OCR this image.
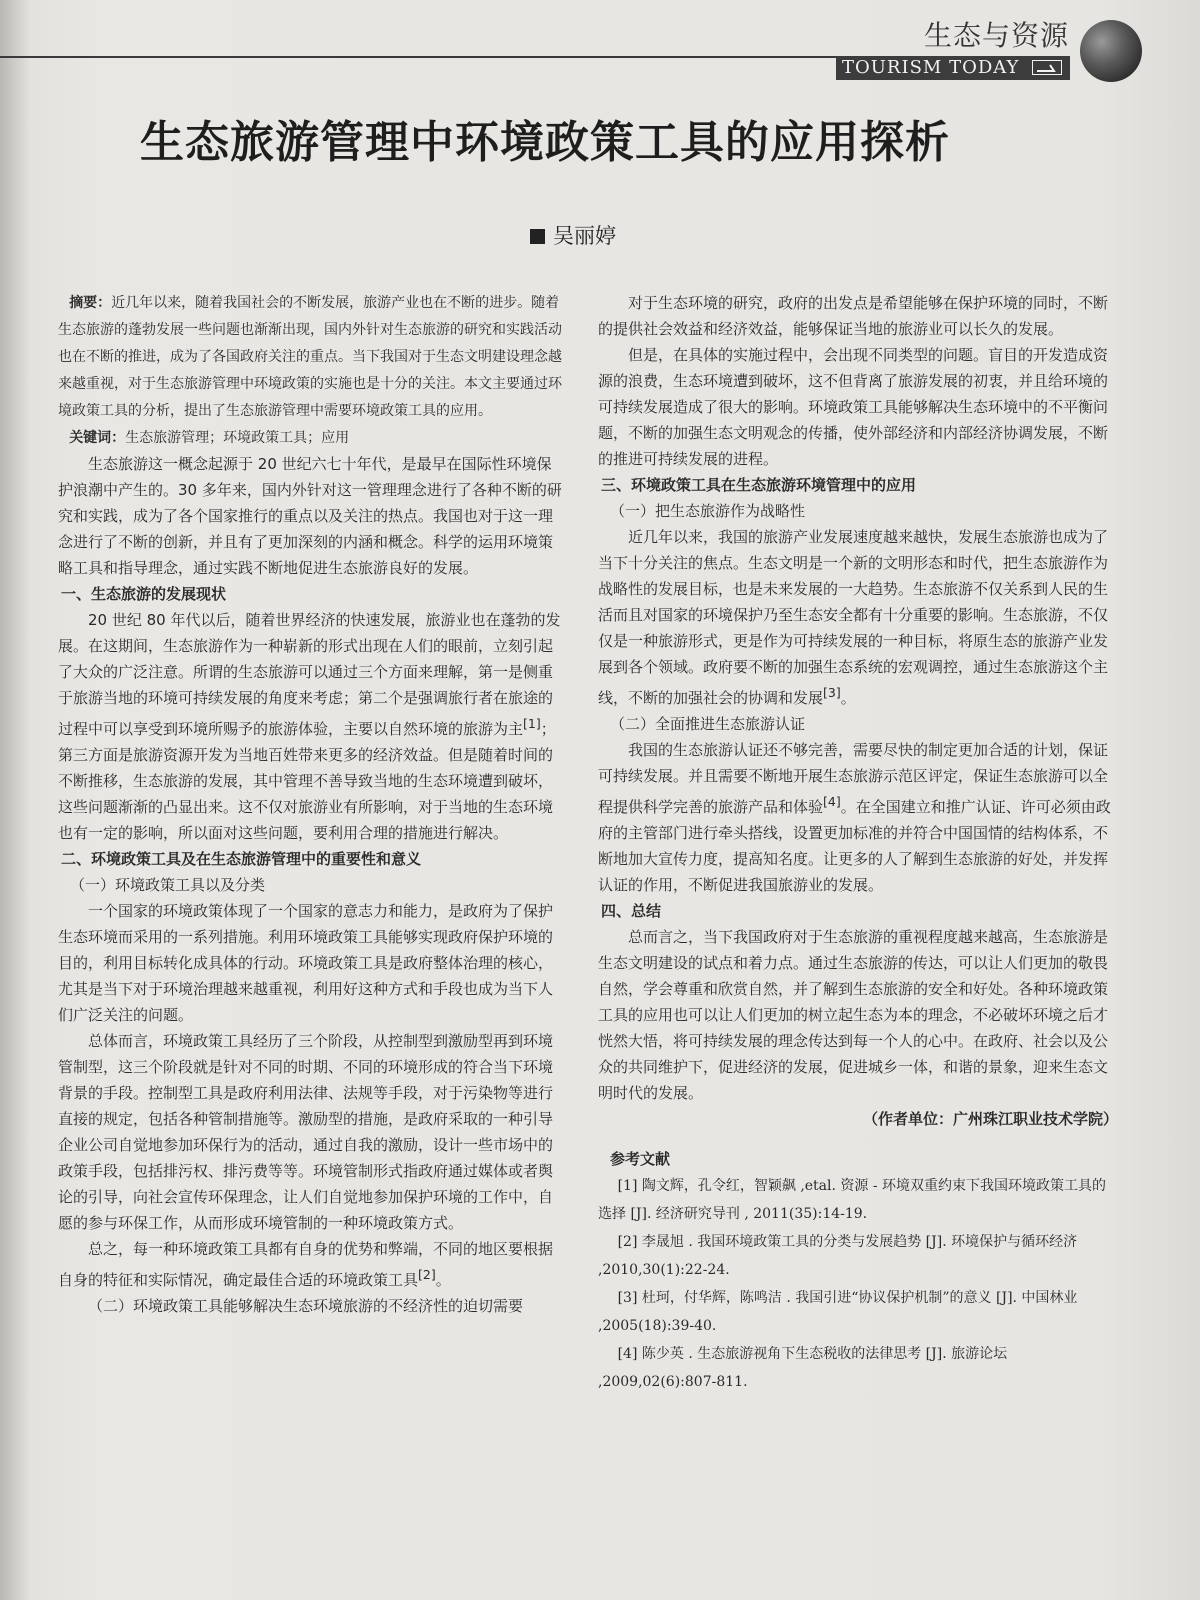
生态与资源
TOURISM TODAY
生态旅游管理中环境政策工具的应用探析
吴丽婷

摘要：近几年以来，随着我国社会的不断发展，旅游产业也在不断的进步。随着生态旅游的蓬勃发展一些问题也渐渐出现，国内外针对生态旅游的研究和实践活动也在不断的推进，成为了各国政府关注的重点。当下我国对于生态文明建设理念越来越重视，对于生态旅游管理中环境政策的实施也是十分的关注。本文主要通过环境政策工具的分析，提出了生态旅游管理中需要环境政策工具的应用。

关键词：生态旅游管理；环境政策工具；应用

生态旅游这一概念起源于 20 世纪六七十年代，是最早在国际性环境保护浪潮中产生的。30 多年来，国内外针对这一管理理念进行了各种不断的研究和实践，成为了各个国家推行的重点以及关注的热点。我国也对于这一理念进行了不断的创新，并且有了更加深刻的内涵和概念。科学的运用环境策略工具和指导理念，通过实践不断地促进生态旅游良好的发展。

一、生态旅游的发展现状

20 世纪 80 年代以后，随着世界经济的快速发展，旅游业也在蓬勃的发展。在这期间，生态旅游作为一种崭新的形式出现在人们的眼前，立刻引起了大众的广泛注意。所谓的生态旅游可以通过三个方面来理解，第一是侧重于旅游当地的环境可持续发展的角度来考虑；第二个是强调旅行者在旅途的过程中可以享受到环境所赐予的旅游体验，主要以自然环境的旅游为主[1]；第三方面是旅游资源开发为当地百姓带来更多的经济效益。但是随着时间的不断推移，生态旅游的发展，其中管理不善导致当地的生态环境遭到破坏，这些问题渐渐的凸显出来。这不仅对旅游业有所影响，对于当地的生态环境也有一定的影响，所以面对这些问题，要利用合理的措施进行解决。

二、环境政策工具及在生态旅游管理中的重要性和意义

（一）环境政策工具以及分类

一个国家的环境政策体现了一个国家的意志力和能力，是政府为了保护生态环境而采用的一系列措施。利用环境政策工具能够实现政府保护环境的目的，利用目标转化成具体的行动。环境政策工具是政府整体治理的核心，尤其是当下对于环境治理越来越重视，利用好这种方式和手段也成为当下人们广泛关注的问题。

总体而言，环境政策工具经历了三个阶段，从控制型到激励型再到环境管制型，这三个阶段就是针对不同的时期、不同的环境形成的符合当下环境背景的手段。控制型工具是政府利用法律、法规等手段，对于污染物等进行直接的规定，包括各种管制措施等。激励型的措施，是政府采取的一种引导企业公司自觉地参加环保行为的活动，通过自我的激励，设计一些市场中的政策手段，包括排污权、排污费等等。环境管制形式指政府通过媒体或者舆论的引导，向社会宣传环保理念，让人们自觉地参加保护环境的工作中，自愿的参与环保工作，从而形成环境管制的一种环境政策方式。

总之，每一种环境政策工具都有自身的优势和弊端，不同的地区要根据自身的特征和实际情况，确定最佳合适的环境政策工具[2]。

（二）环境政策工具能够解决生态环境旅游的不经济性的迫切需要

对于生态环境的研究，政府的出发点是希望能够在保护环境的同时，不断的提供社会效益和经济效益，能够保证当地的旅游业可以长久的发展。

但是，在具体的实施过程中，会出现不同类型的问题。盲目的开发造成资源的浪费，生态环境遭到破坏，这不但背离了旅游发展的初衷，并且给环境的可持续发展造成了很大的影响。环境政策工具能够解决生态环境中的不平衡问题，不断的加强生态文明观念的传播，使外部经济和内部经济协调发展，不断的推进可持续发展的进程。

三、环境政策工具在生态旅游环境管理中的应用

（一）把生态旅游作为战略性

近几年以来，我国的旅游产业发展速度越来越快，发展生态旅游也成为了当下十分关注的焦点。生态文明是一个新的文明形态和时代，把生态旅游作为战略性的发展目标，也是未来发展的一大趋势。生态旅游不仅关系到人民的生活而且对国家的环境保护乃至生态安全都有十分重要的影响。生态旅游，不仅仅是一种旅游形式，更是作为可持续发展的一种目标，将原生态的旅游产业发展到各个领域。政府要不断的加强生态系统的宏观调控，通过生态旅游这个主线，不断的加强社会的协调和发展[3]。

（二）全面推进生态旅游认证

我国的生态旅游认证还不够完善，需要尽快的制定更加合适的计划，保证可持续发展。并且需要不断地开展生态旅游示范区评定，保证生态旅游可以全程提供科学完善的旅游产品和体验[4]。在全国建立和推广认证、许可必须由政府的主管部门进行牵头搭线，设置更加标准的并符合中国国情的结构体系，不断地加大宣传力度，提高知名度。让更多的人了解到生态旅游的好处，并发挥认证的作用，不断促进我国旅游业的发展。

四、总结

总而言之，当下我国政府对于生态旅游的重视程度越来越高，生态旅游是生态文明建设的试点和着力点。通过生态旅游的传达，可以让人们更加的敬畏自然，学会尊重和欣赏自然，并了解到生态旅游的安全和好处。各种环境政策工具的应用也可以让人们更加的树立起生态为本的理念，不必破坏环境之后才恍然大悟，将可持续发展的理念传达到每一个人的心中。在政府、社会以及公众的共同维护下，促进经济的发展，促进城乡一体，和谐的景象，迎来生态文明时代的发展。

（作者单位：广州珠江职业技术学院）

参考文献

[1] 陶文辉，孔令红，智颖飙 ,etal. 资源 - 环境双重约束下我国环境政策工具的选择 [J]. 经济研究导刊 , 2011(35):14-19.

[2] 李晟旭 . 我国环境政策工具的分类与发展趋势 [J]. 环境保护与循环经济 ,2010,30(1):22-24.

[3] 杜珂，付华辉，陈鸣洁 . 我国引进“协议保护机制”的意义 [J]. 中国林业 ,2005(18):39-40.

[4] 陈少英 . 生态旅游视角下生态税收的法律思考 [J]. 旅游论坛 ,2009,02(6):807-811.
